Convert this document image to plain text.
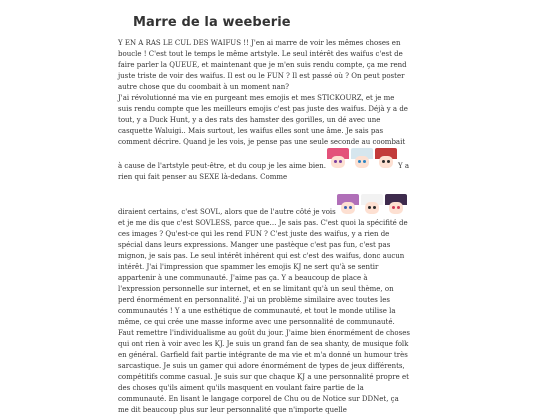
Marre de la weeberie

Y EN A RAS LE CUL DES WAIFUS !! J'en ai marre de voir les mêmes choses en boucle ! C'est tout le temps le même artstyle. Le seul intérêt des waifus c'est de faire parler la QUEUE, et maintenant que je m'en suis rendu compte, ça me rend juste triste de voir des waifus. Il est ou le FUN ? Il est passé où ? On peut poster autre chose que du coombait à un moment nan?

J'ai révolutionné ma vie en purgeant mes emojis et mes STICKOURZ, et je me suis rendu compte que les meilleurs emojis c'est pas juste des waifus. Déjà y a de tout, y a Duck Hunt, y a des rats des hamster des gorilles, un dé avec une casquette Waluigi.. Mais surtout, les waifus elles sont une âme. Je sais pas comment décrire. Quand je les vois, je pense pas une seule seconde au coombait à cause de l'artstyle peut-être, et du coup je les aime bien.	Y a rien qui fait penser au SEXE là-dedans. Comme

diraient certains, c'est SOVL, alors que de l'autre côté je vois
et je me dis que c'est SOVLESS, parce que… Je sais pas. C'est quoi la spécifité de ces images ? Qu'est-ce qui les rend FUN ? C'est juste des waifus, y a rien de spécial dans leurs expressions. Manger une pastèque c'est pas fun, c'est pas mignon, je sais pas. Le seul intérêt inhérent qui est c'est des waifus, donc aucun intérêt. J'ai l'impression que spammer les emojis KJ ne sert qu'à se sentir appartenir à une communauté. J'aime pas ça. Y a beaucoup de place à l'expression personnelle sur internet, et en se limitant qu'à un seul thème, on perd énormément en personnalité. J'ai un problème similaire avec toutes les communautés ! Y a une esthétique de communauté, et tout le monde utilise la même, ce qui crée une masse informe avec une personnalité de communauté. Faut remettre l'individualisme au goût du jour. J'aime bien énormément de choses qui ont rien à voir avec les KJ. Je suis un grand fan de sea shanty, de musique folk en général. Garfield fait partie intégrante de ma vie et m'a donné un humour très sarcastique. Je suis un gamer qui adore énormément de types de jeux différents, compétitifs comme casual. Je suis sur que chaque KJ a une personnalité propre et des choses qu'ils aiment qu'ils masquent en voulant faire partie de la communauté. En lisant le langage corporel de Chu ou de Notice sur DDNet, ça me dit beaucoup plus sur leur personnalité que n'importe quelle
